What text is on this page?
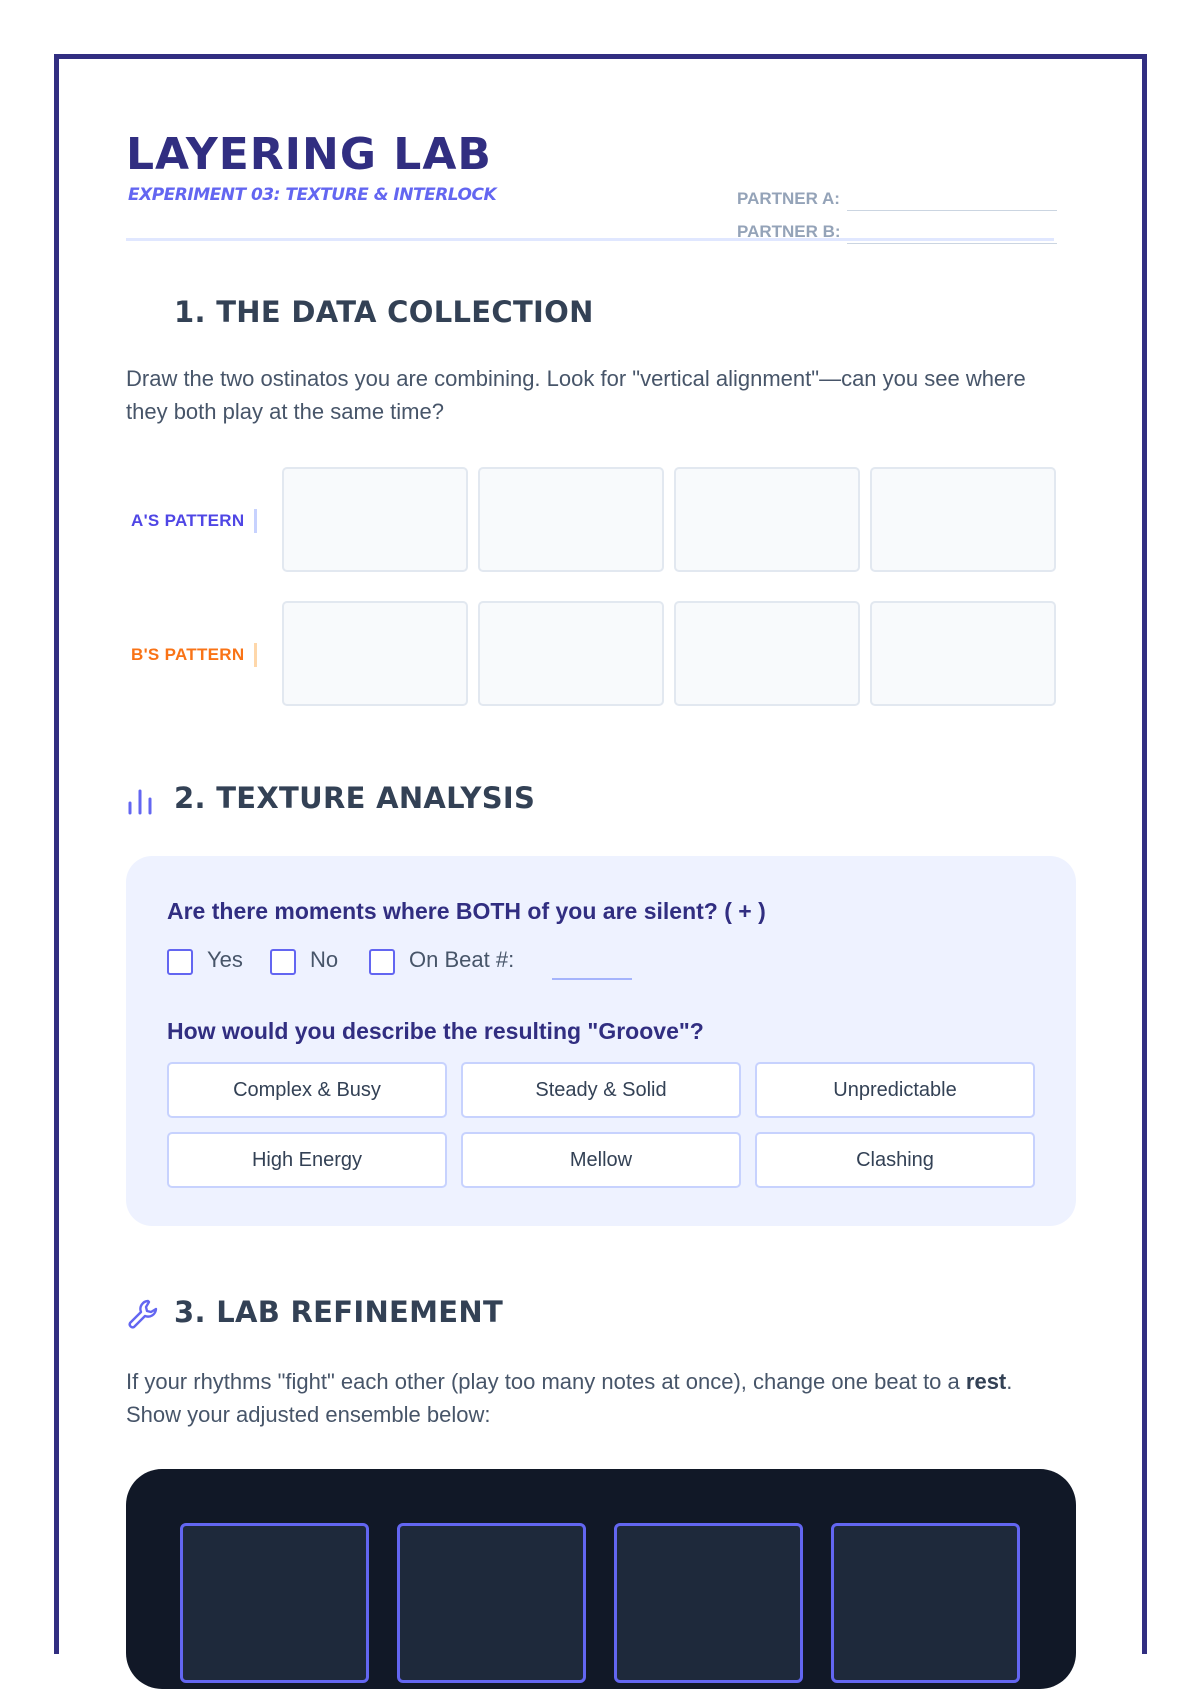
LAYERING LAB
EXPERIMENT 03: TEXTURE & INTERLOCK	PARTNER A:
PARTNER B:
1. THE DATA COLLECTION
Draw the two ostinatos you are combining. Look for "vertical alignment"—can you see where they both play at the same time?
A'S PATTERN
B'S PATTERN
2. TEXTURE ANALYSIS
Are there moments where BOTH of you are silent? ( + )
Yes	No	On Beat #:
How would you describe the resulting "Groove"?
Complex & Busy	Steady & Solid	Unpredictable
High Energy	Mellow	Clashing
3. LAB REFINEMENT
If your rhythms "fight" each other (play too many notes at once), change one beat to a rest. Show your adjusted ensemble below:
